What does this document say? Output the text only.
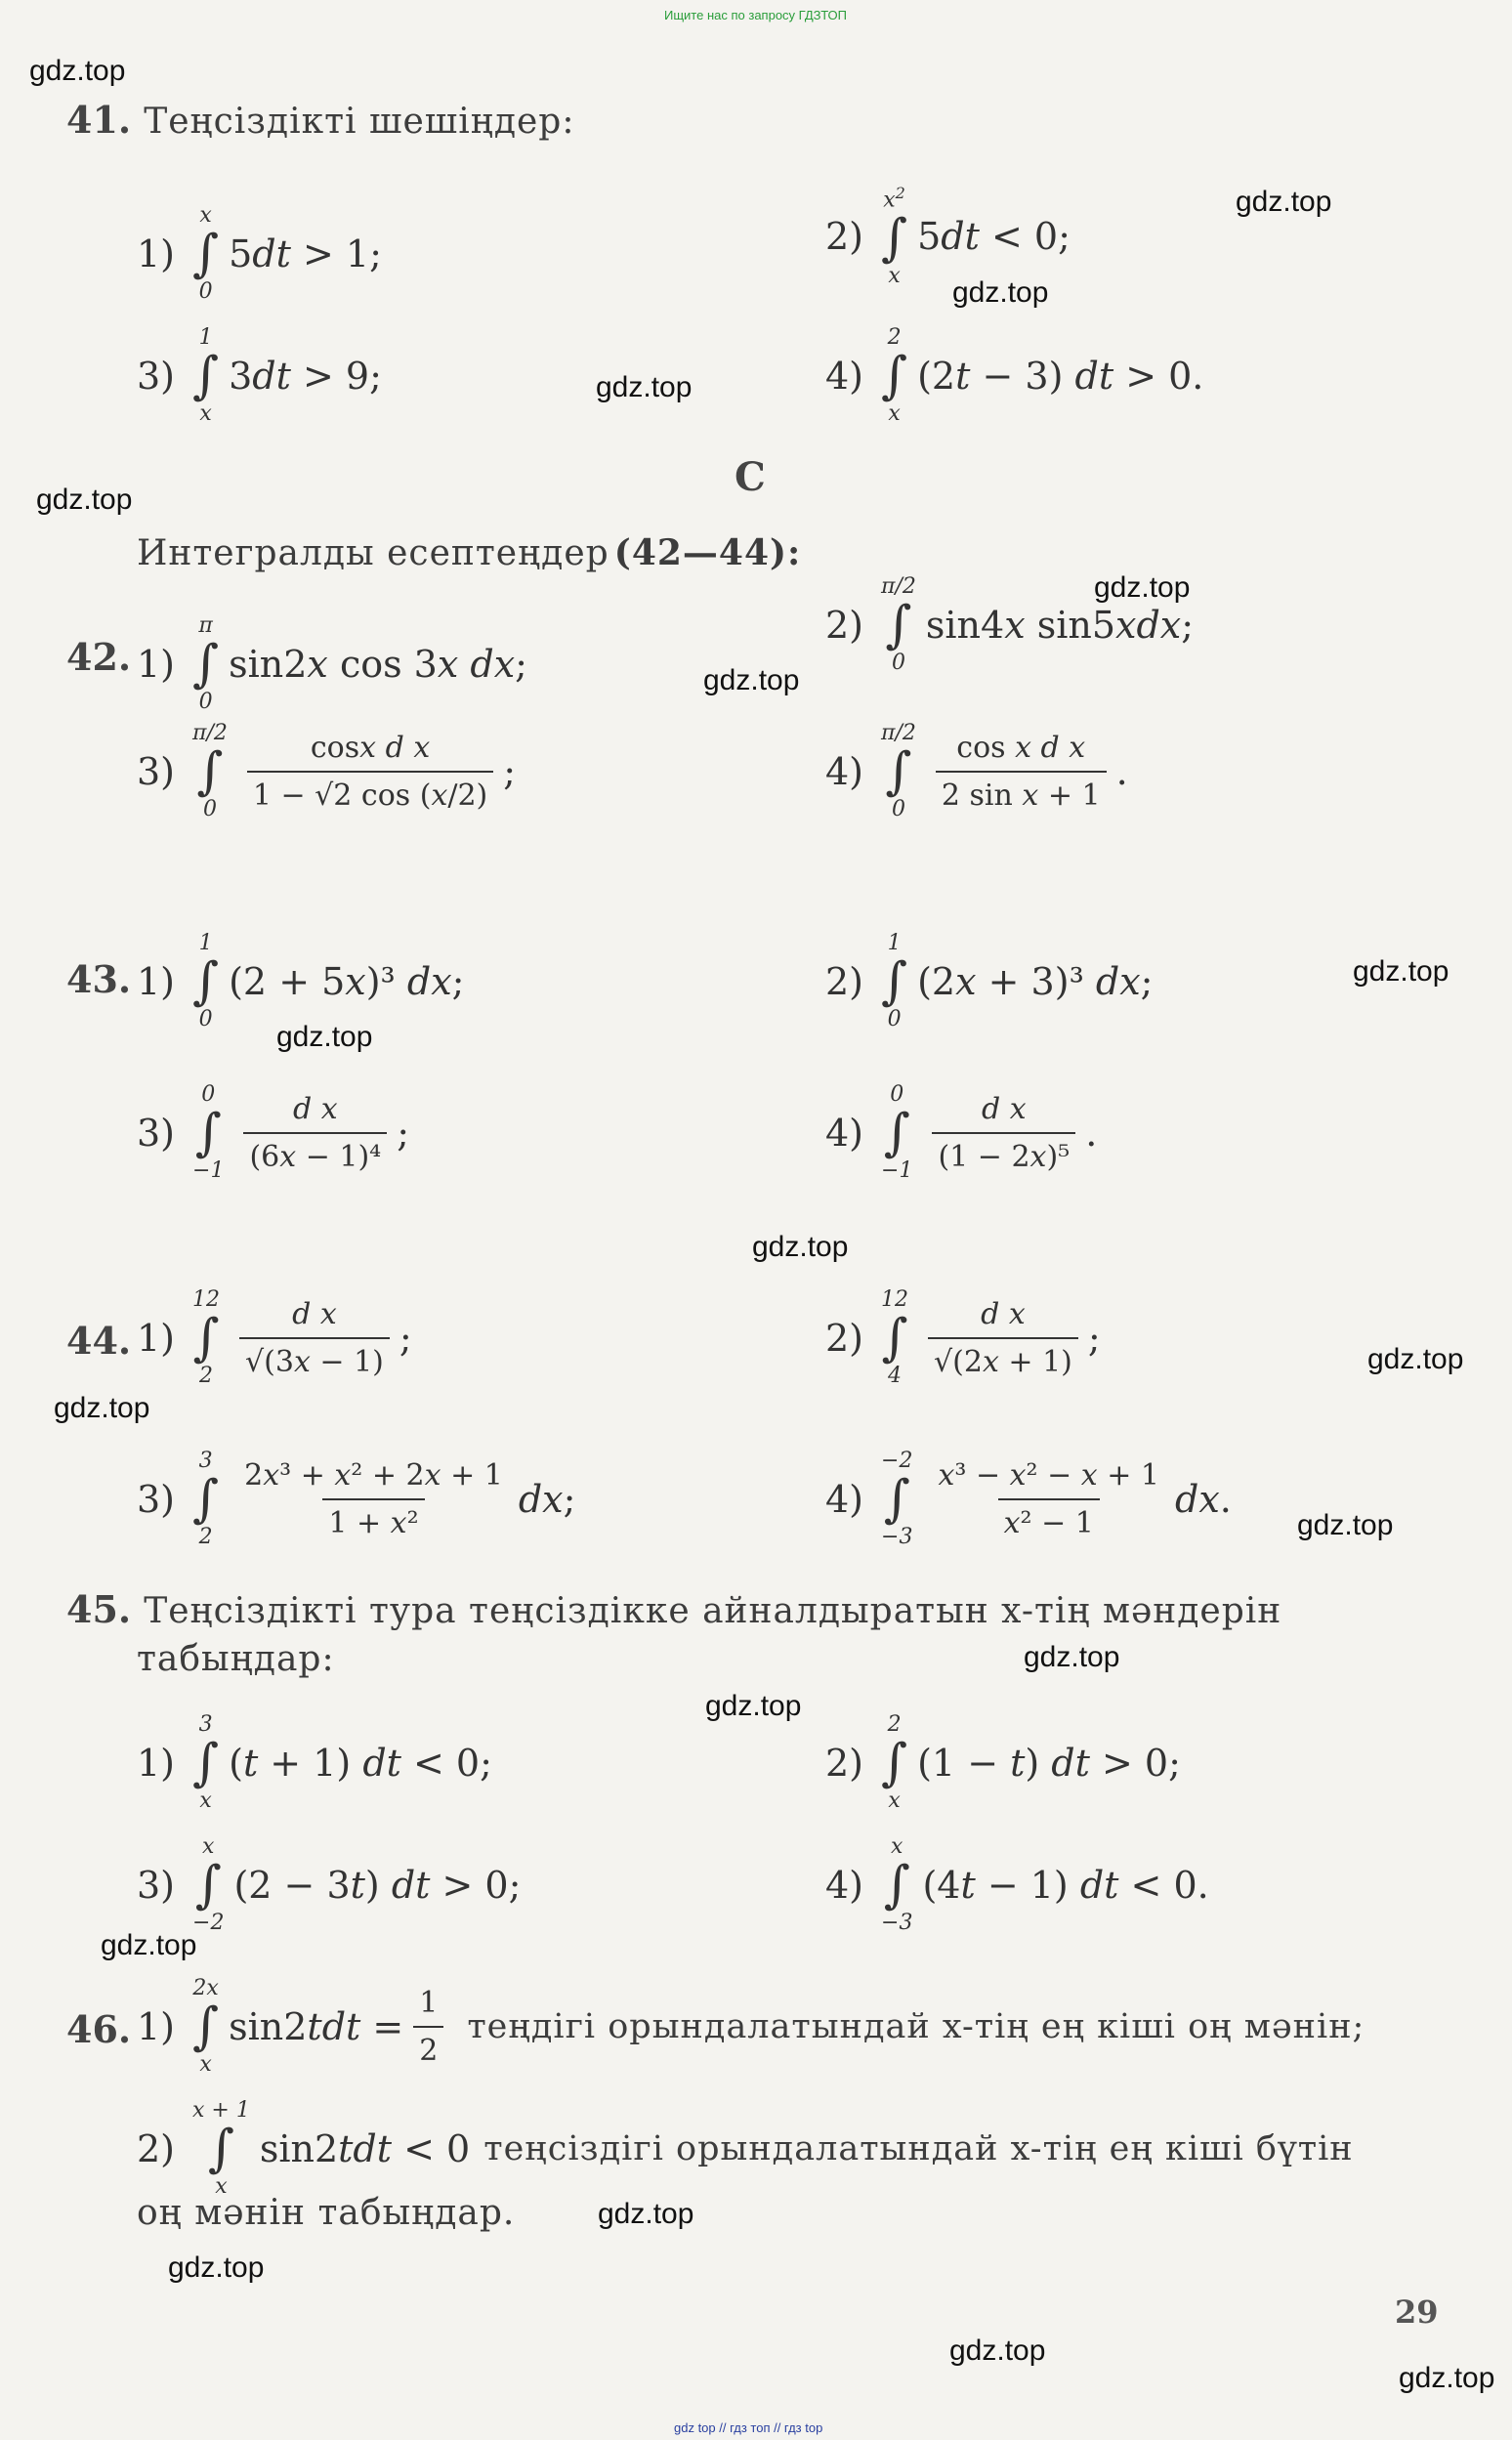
Ищите нас по запросу ГДЗТОП
gdz top // гдз топ // гдз top
gdz.top
gdz.top
gdz.top
gdz.top
gdz.top
gdz.top
gdz.top
gdz.top
gdz.top
gdz.top
gdz.top
gdz.top
gdz.top
gdz.top
gdz.top
gdz.top
gdz.top
gdz.top
gdz.top
gdz.top
41. Теңсіздікті шешіңдер:
1)
x
∫
0
5dt > 1;	2)
$x^2$
∫
x
5dt < 0;
3)
1
∫
x
3dt > 9;	4)
2
∫
x
(2t − 3) dt > 0.
C
Интегралды есептеңдер (42—44):
42. 1)
π
∫
0
sin2x cos 3x dx;
2)
π/2
∫
0
sin4x sin5xdx;
3)
π/2
∫
$0 \frac{\text{cosx d x}}{1 - √2 \cos (x/2)}$ ;	4)
π/2
∫
$0 \frac{\text{cos x d x}}{\text{2 sin x + 1}}$ .
43. 1)
1
∫
0
(2 + 5x)³ dx;	2)
1
∫
0
(2x + 3)³ dx;
3)
0
∫
$-1 \frac{\text{d x}}{\text{(6x − 1)⁴}}$ ;	4)
0
∫
$-1 \frac{\text{d x}}{\text{(1 − 2x)⁵}}$ .
44. 1)
12
∫
$2 \frac{\text{d x}}{√(3x - 1)}$ ;	2)
12
∫
$4 \frac{\text{d x}}{√(2x + 1)}$ ;
3)
3
∫
$2 \frac{\text{2x³ + x² + 2x + 1}}{\text{1 + x²}}$ dx;	4)
−2
∫
$-3 \frac{\text{x³ − x² − x + 1}}{\text{x² − 1}}$ dx.
45. Теңсіздікті тура теңсіздікке айналдыратын x-тің мәндерін
табыңдар:
1)
3
∫
x
(t + 1) dt < 0;	2)
2
∫
x
(1 − t) dt > 0;
3)
x
∫
−2
(2 − 3t) dt > 0;	4)
x
∫
−3
(4t − 1) dt < 0.
46. 1)
2x
∫
x
$\sin 2tdt = \frac{1}{2}$ теңдігі орындалатындай x-тің ең кіші оң мәнін;
2)
x + 1
∫
x
sin2tdt < 0 теңсіздігі орындалатындай x-тің ең кіші бүтін
оң мәнін табыңдар.
29
